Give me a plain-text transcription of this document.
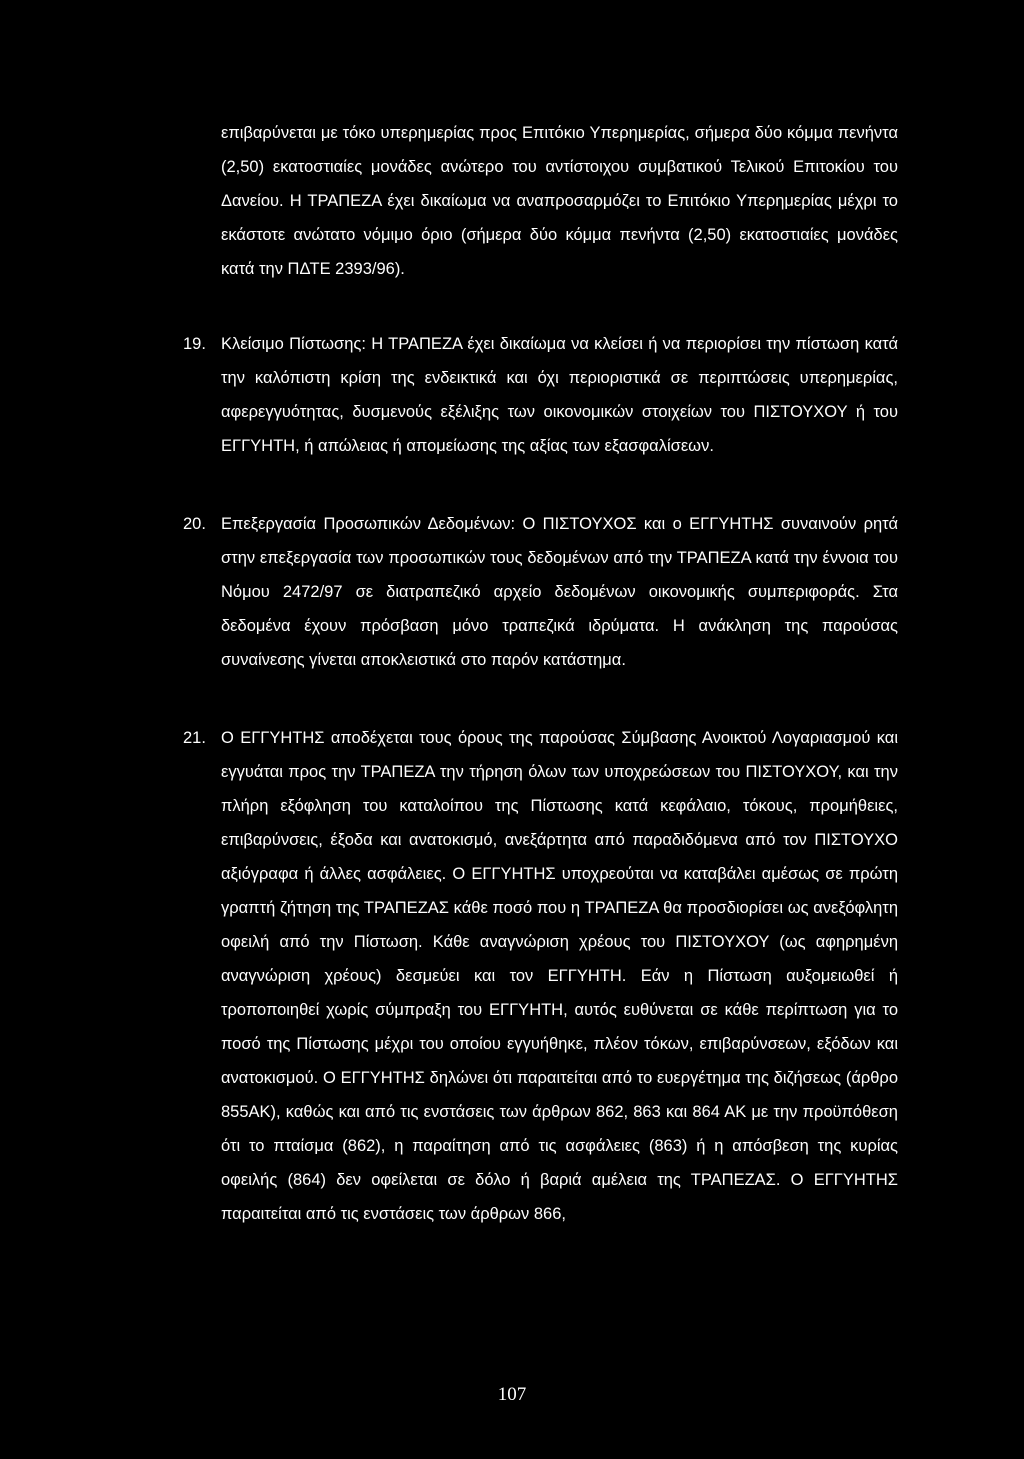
επιβαρύνεται με τόκο υπερημερίας προς Επιτόκιο Υπερημερίας, σήμερα δύο κόμμα πενήντα (2,50) εκατοστιαίες μονάδες ανώτερο του αντίστοιχου συμβατικού Τελικού Επιτοκίου του Δανείου. Η ΤΡΑΠΕΖΑ έχει δικαίωμα να αναπροσαρμόζει το Επιτόκιο Υπερημερίας μέχρι το εκάστοτε ανώτατο νόμιμο όριο (σήμερα δύο κόμμα πενήντα (2,50) εκατοστιαίες μονάδες κατά την ΠΔΤΕ 2393/96).

19. Κλείσιμο Πίστωσης: Η ΤΡΑΠΕΖΑ έχει δικαίωμα να κλείσει ή να περιορίσει την πίστωση κατά την καλόπιστη κρίση της ενδεικτικά και όχι περιοριστικά σε περιπτώσεις υπερημερίας, αφερεγγυότητας, δυσμενούς εξέλιξης των οικονομικών στοιχείων του ΠΙΣΤΟΥΧΟΥ ή του ΕΓΓΥΗΤΗ, ή απώλειας ή απομείωσης της αξίας των εξασφαλίσεων.

20. Επεξεργασία Προσωπικών Δεδομένων: Ο ΠΙΣΤΟΥΧΟΣ και ο ΕΓΓΥΗΤΗΣ συναινούν ρητά στην επεξεργασία των προσωπικών τους δεδομένων από την ΤΡΑΠΕΖΑ κατά την έννοια του Νόμου 2472/97 σε διατραπεζικό αρχείο δεδομένων οικονομικής συμπεριφοράς. Στα δεδομένα έχουν πρόσβαση μόνο τραπεζικά ιδρύματα. Η ανάκληση της παρούσας συναίνεσης γίνεται αποκλειστικά στο παρόν κατάστημα.

21. Ο ΕΓΓΥΗΤΗΣ αποδέχεται τους όρους της παρούσας Σύμβασης Ανοικτού Λογαριασμού και εγγυάται προς την ΤΡΑΠΕΖΑ την τήρηση όλων των υποχρεώσεων του ΠΙΣΤΟΥΧΟΥ, και την πλήρη εξόφληση του καταλοίπου της Πίστωσης κατά κεφάλαιο, τόκους, προμήθειες, επιβαρύνσεις, έξοδα και ανατοκισμό, ανεξάρτητα από παραδιδόμενα από τον ΠΙΣΤΟΥΧΟ αξιόγραφα ή άλλες ασφάλειες. Ο ΕΓΓΥΗΤΗΣ υποχρεούται να καταβάλει αμέσως σε πρώτη γραπτή ζήτηση της ΤΡΑΠΕΖΑΣ κάθε ποσό που η ΤΡΑΠΕΖΑ θα προσδιορίσει ως ανεξόφλητη οφειλή από την Πίστωση. Κάθε αναγνώριση χρέους του ΠΙΣΤΟΥΧΟΥ (ως αφηρημένη αναγνώριση χρέους) δεσμεύει και τον ΕΓΓΥΗΤΗ. Εάν η Πίστωση αυξομειωθεί ή τροποποιηθεί χωρίς σύμπραξη του ΕΓΓΥΗΤΗ, αυτός ευθύνεται σε κάθε περίπτωση για το ποσό της Πίστωσης μέχρι του οποίου εγγυήθηκε, πλέον τόκων, επιβαρύνσεων, εξόδων και ανατοκισμού. Ο ΕΓΓΥΗΤΗΣ δηλώνει ότι παραιτείται από το ευεργέτημα της διζήσεως (άρθρο 855ΑΚ), καθώς και από τις ενστάσεις των άρθρων 862, 863 και 864 ΑΚ με την προϋπόθεση ότι το πταίσμα (862), η παραίτηση από τις ασφάλειες (863) ή η απόσβεση της κυρίας οφειλής (864) δεν οφείλεται σε δόλο ή βαριά αμέλεια της ΤΡΑΠΕΖΑΣ. Ο ΕΓΓΥΗΤΗΣ παραιτείται από τις ενστάσεις των άρθρων 866,

107
